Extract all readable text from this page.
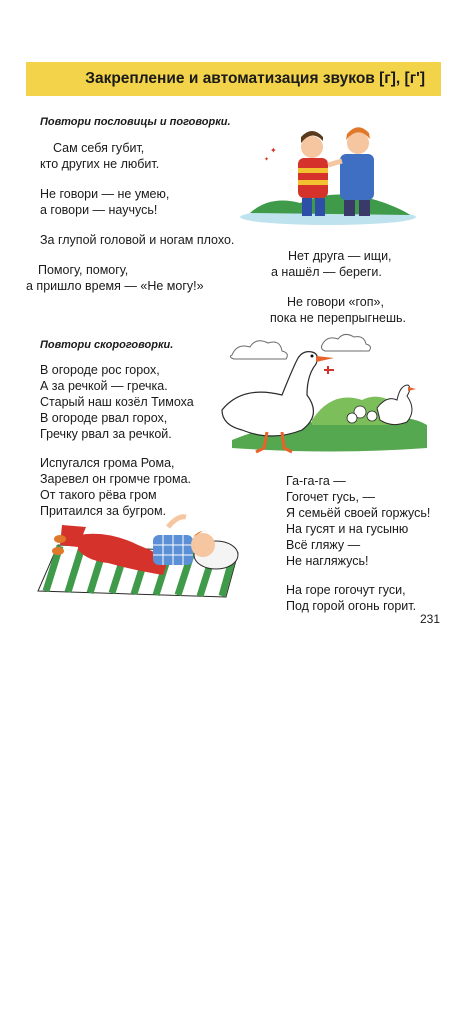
Закрепление и автоматизация звуков [г], [г']
Повтори пословицы и поговорки.
Сам себя губит,
кто других не любит.
Не говори — не умею,
а говори — научусь!
За глупой головой и ногам плохо.
Помогу, помогу,
а пришло время — «Не могу!»
Нет друга — ищи,
а нашёл — береги.
Не говори «гоп»,
пока не перепрыгнешь.
✦
✦
Повтори скороговорки.
В огороде рос горох,
А за речкой — гречка.
Старый наш козёл Тимоха
В огороде рвал горох,
Гречку рвал за речкой.
Испугался грома Рома,
Заревел он громче грома.
От такого рёва гром
Притаился за бугром.
Га-га-га —
Гогочет гусь, —
Я семьёй своей горжусь!
На гусят и на гусыню
Всё гляжу —
Не нагляжусь!
На горе гогочут гуси,
Под горой огонь горит.
231
